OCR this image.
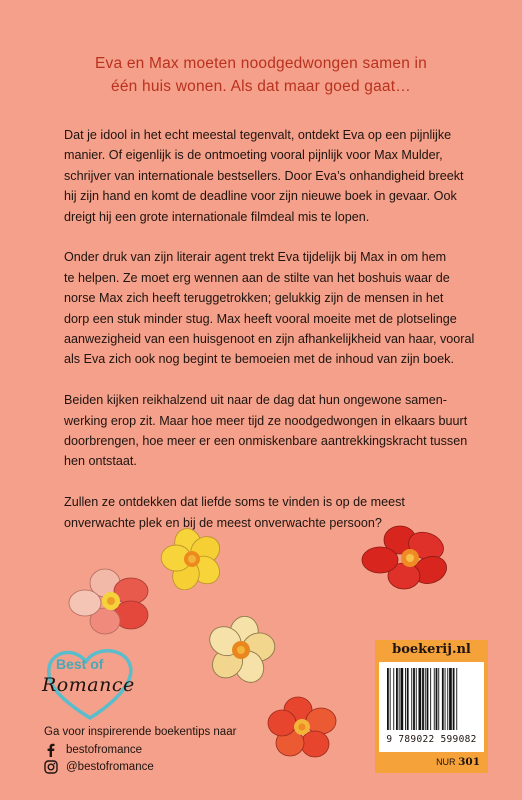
Eva en Max moeten noodgedwongen samen in
één huis wonen. Als dat maar goed gaat…

Dat je idool in het echt meestal tegenvalt, ontdekt Eva op een pijnlijke
manier. Of eigenlijk is de ontmoeting vooral pijnlijk voor Max Mulder,
schrijver van internationale bestsellers. Door Eva’s onhandigheid breekt
hij zijn hand en komt de deadline voor zijn nieuwe boek in gevaar. Ook
dreigt hij een grote internationale filmdeal mis te lopen.

Onder druk van zijn literair agent trekt Eva tijdelijk bij Max in om hem
te helpen. Ze moet erg wennen aan de stilte van het boshuis waar de
norse Max zich heeft teruggetrokken; gelukkig zijn de mensen in het
dorp een stuk minder stug. Max heeft vooral moeite met de plotselinge
aanwezigheid van een huisgenoot en zijn afhankelijkheid van haar, vooral
als Eva zich ook nog begint te bemoeien met de inhoud van zijn boek.

Beiden kijken reikhalzend uit naar de dag dat hun ongewone samen-
werking erop zit. Maar hoe meer tijd ze noodgedwongen in elkaars buurt
doorbrengen, hoe meer er een onmiskenbare aantrekkingskracht tussen
hen ontstaat.

Zullen ze ontdekken dat liefde soms te vinden is op de meest
onverwachte plek en bij de meest onverwachte persoon?

Best of
Romance
Ga voor inspirerende boekentips naar
bestofromance
@bestofromance
boekerij.nl
9 789022 599082
NUR 301
